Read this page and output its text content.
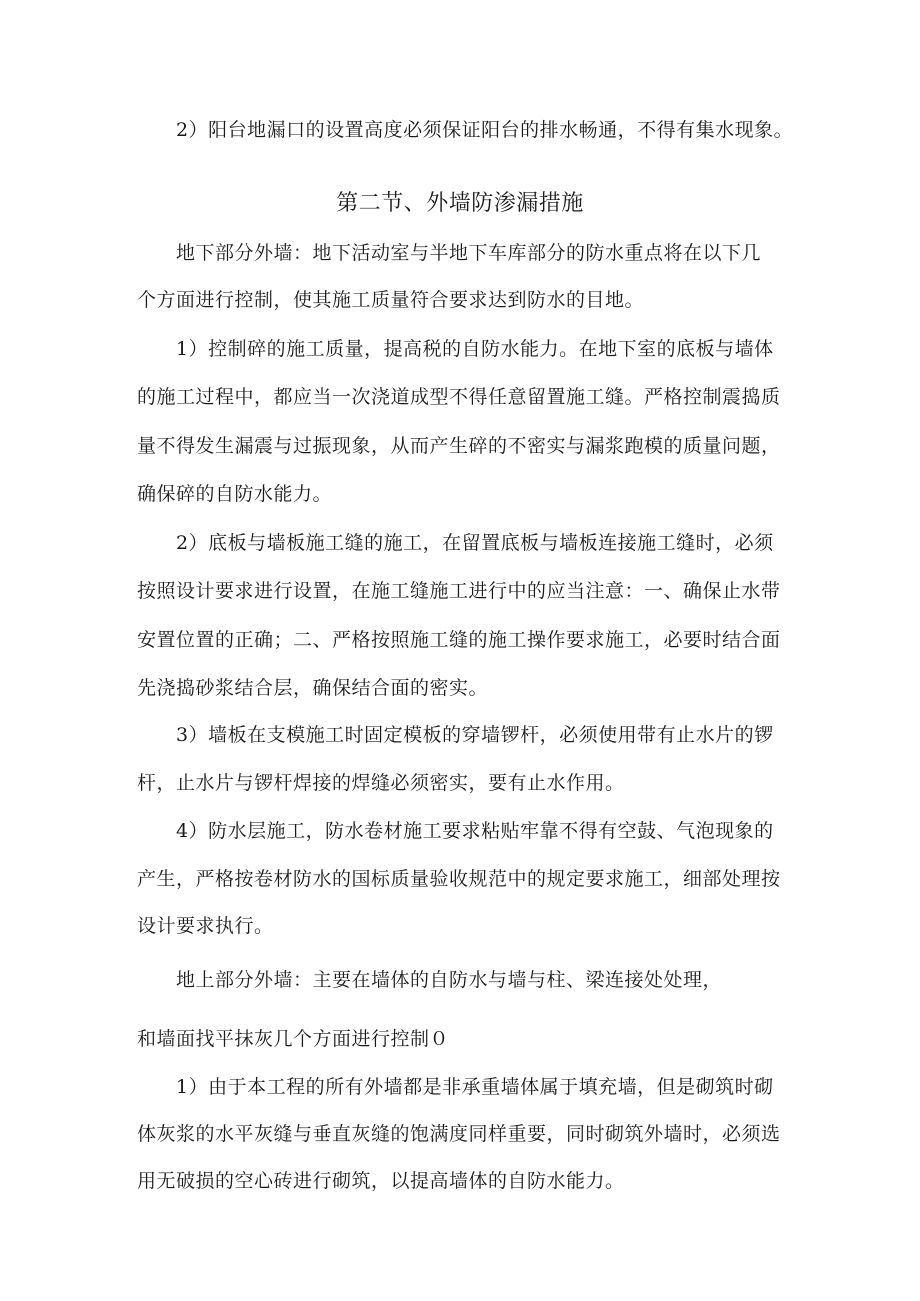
2）阳台地漏口的设置高度必须保证阳台的排水畅通，不得有集水现象。
第二节、外墙防渗漏措施
地下部分外墙：地下活动室与半地下车库部分的防水重点将在以下几
个方面进行控制，使其施工质量符合要求达到防水的目地。
1）控制碎的施工质量，提高税的自防水能力。在地下室的底板与墙体
的施工过程中，都应当一次浇道成型不得任意留置施工缝。严格控制震捣质
量不得发生漏震与过振现象，从而产生碎的不密实与漏浆跑模的质量问题，
确保碎的自防水能力。
2）底板与墙板施工缝的施工，在留置底板与墙板连接施工缝时，必须
按照设计要求进行设置，在施工缝施工进行中的应当注意：一、确保止水带
安置位置的正确；二、严格按照施工缝的施工操作要求施工，必要时结合面
先浇捣砂浆结合层，确保结合面的密实。
3）墙板在支模施工时固定模板的穿墙锣杆，必须使用带有止水片的锣
杆，止水片与锣杆焊接的焊缝必须密实，要有止水作用。
4）防水层施工，防水卷材施工要求粘贴牢靠不得有空鼓、气泡现象的
产生，严格按卷材防水的国标质量验收规范中的规定要求施工，细部处理按
设计要求执行。
地上部分外墙：主要在墙体的自防水与墙与柱、梁连接处处理，
和墙面找平抹灰几个方面进行控制０
1）由于本工程的所有外墙都是非承重墙体属于填充墙，但是砌筑时砌
体灰浆的水平灰缝与垂直灰缝的饱满度同样重要，同时砌筑外墙时，必须选
用无破损的空心砖进行砌筑，以提高墙体的自防水能力。
